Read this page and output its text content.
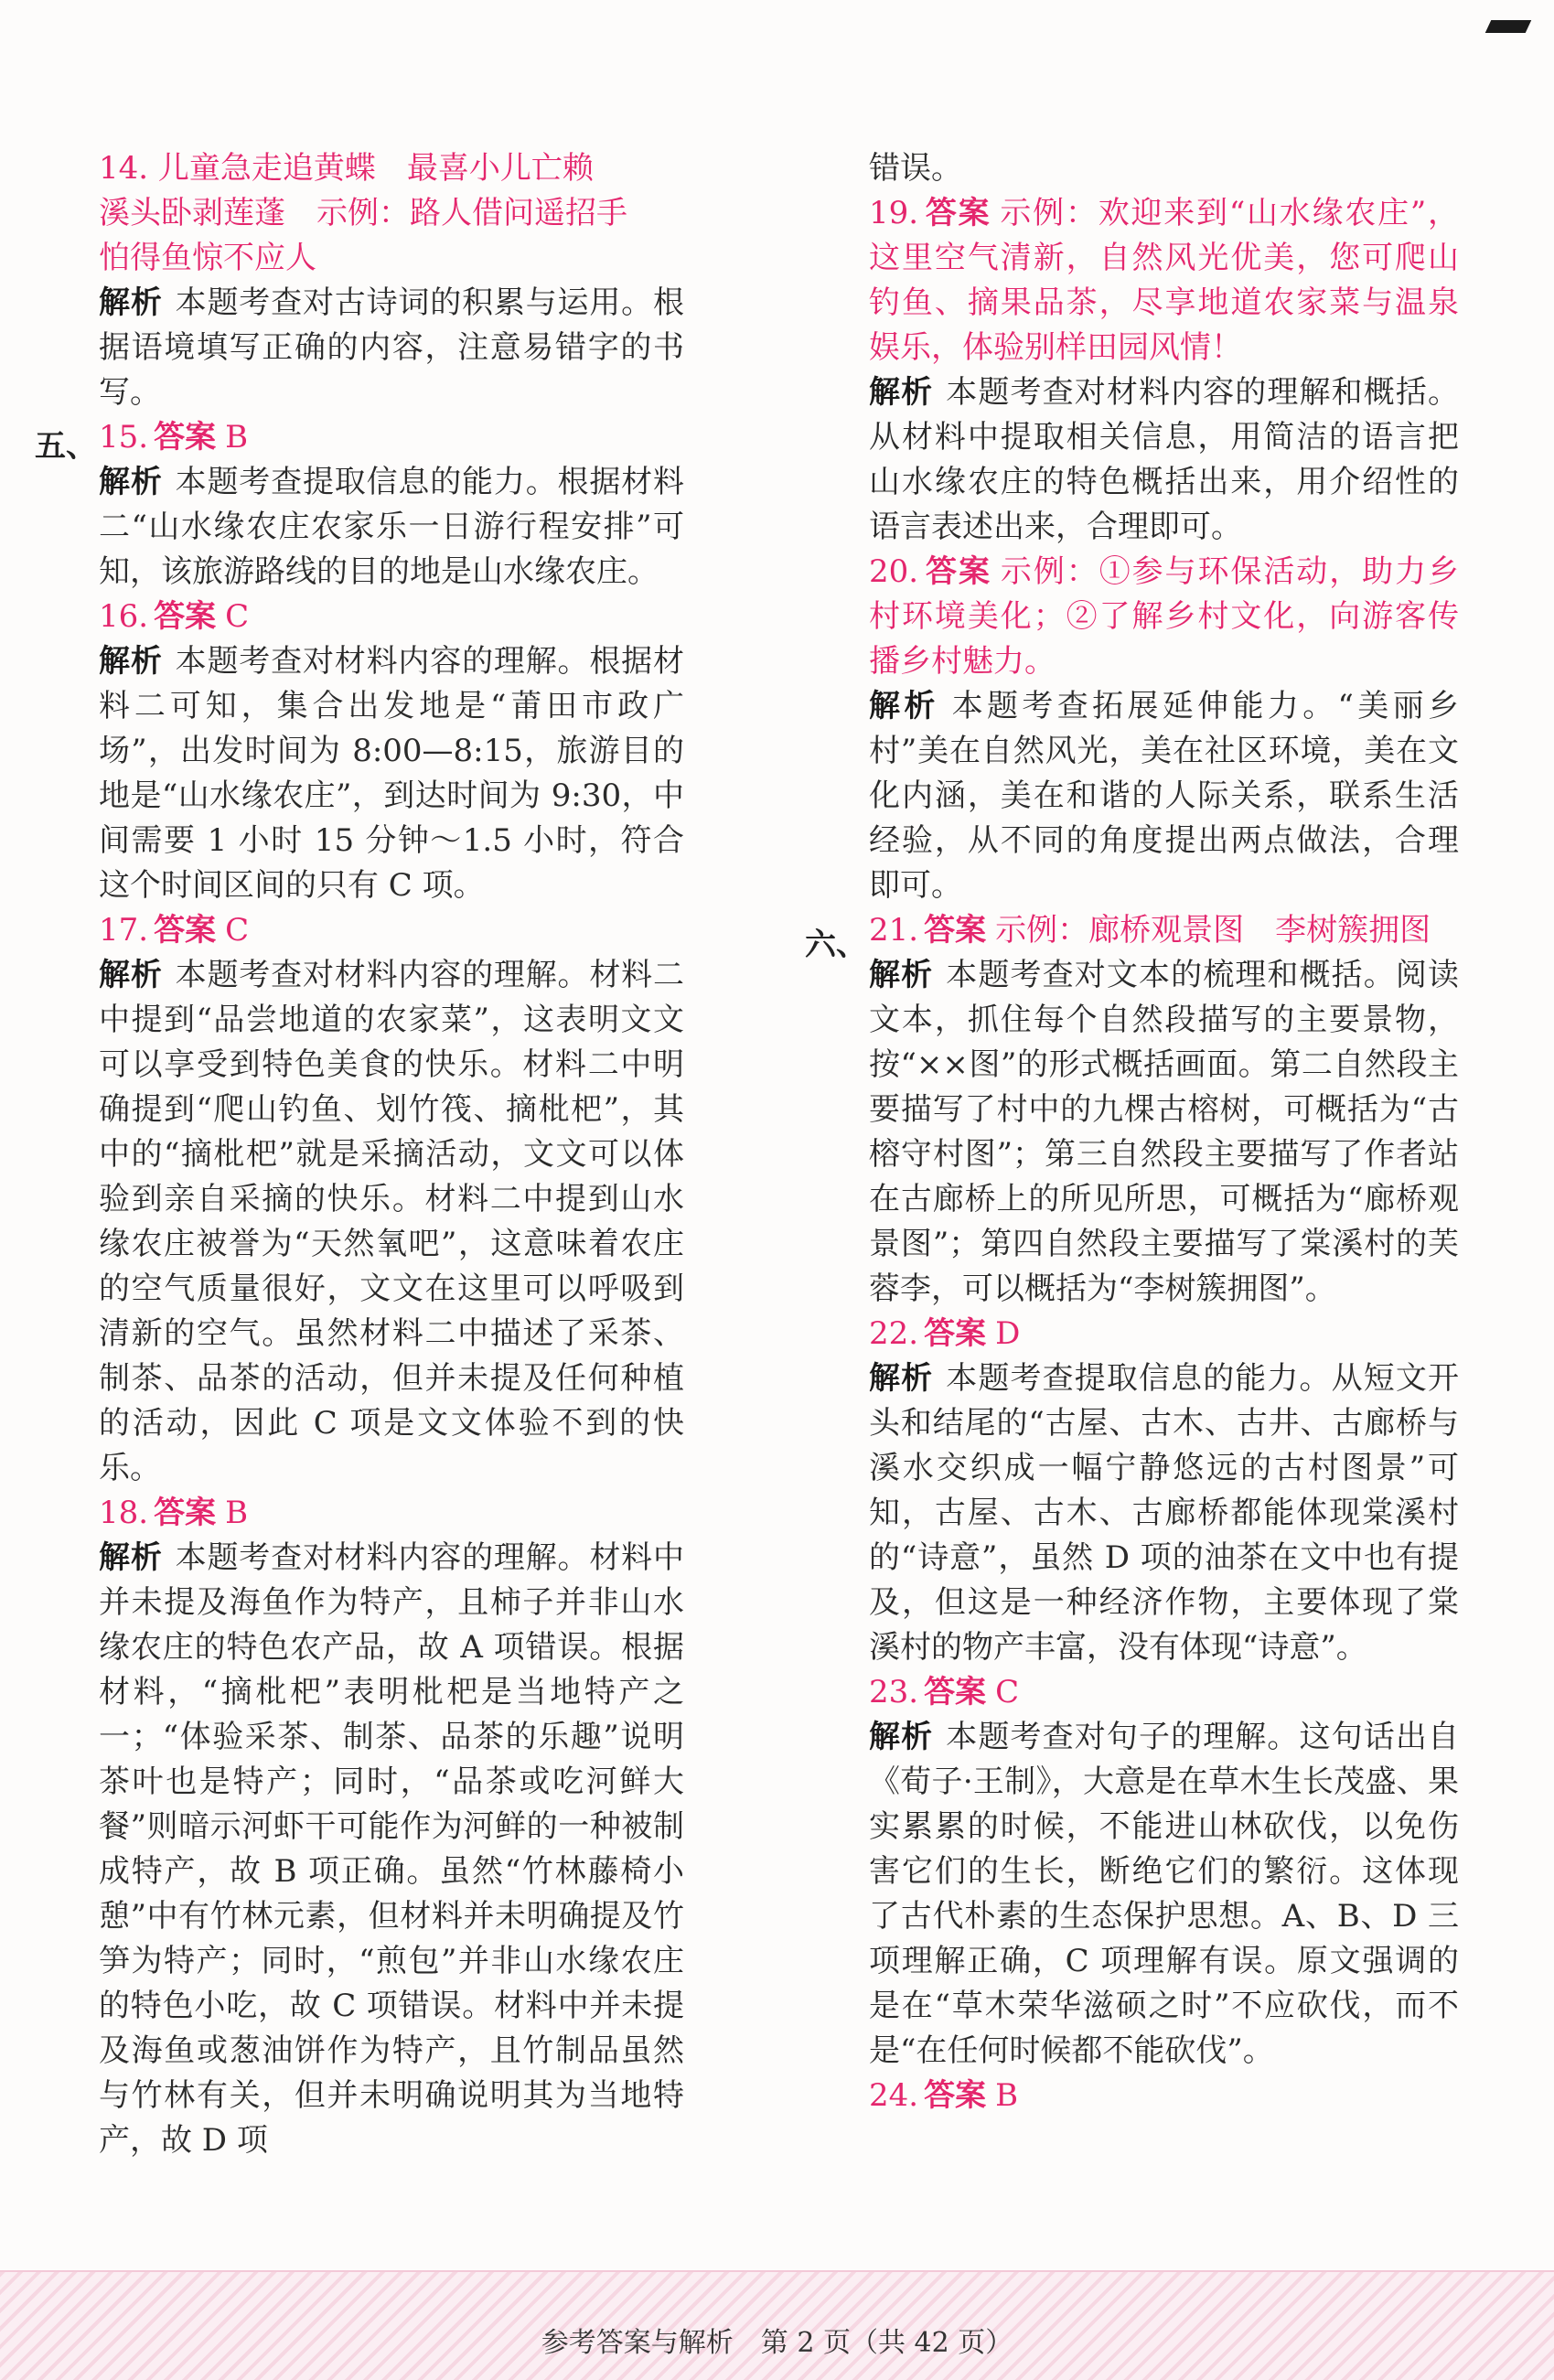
五、
六、

14. 儿童急走追黄蝶　最喜小儿亡赖

溪头卧剥莲蓬　示例：路人借问遥招手

怕得鱼惊不应人

解析 本题考查对古诗词的积累与运用。根据语境填写正确的内容，注意易错字的书写。

15. 答案 B

解析 本题考查提取信息的能力。根据材料二“山水缘农庄农家乐一日游行程安排”可知，该旅游路线的目的地是山水缘农庄。

16. 答案 C

解析 本题考查对材料内容的理解。根据材料二可知，集合出发地是“莆田市政广场”，出发时间为 8:00—8:15，旅游目的地是“山水缘农庄”，到达时间为 9:30，中间需要 1 小时 15 分钟～1.5 小时，符合这个时间区间的只有 C 项。

17. 答案 C

解析 本题考查对材料内容的理解。材料二中提到“品尝地道的农家菜”，这表明文文可以享受到特色美食的快乐。材料二中明确提到“爬山钓鱼、划竹筏、摘枇杷”，其中的“摘枇杷”就是采摘活动，文文可以体验到亲自采摘的快乐。材料二中提到山水缘农庄被誉为“天然氧吧”，这意味着农庄的空气质量很好，文文在这里可以呼吸到清新的空气。虽然材料二中描述了采茶、制茶、品茶的活动，但并未提及任何种植的活动，因此 C 项是文文体验不到的快乐。

18. 答案 B

解析 本题考查对材料内容的理解。材料中并未提及海鱼作为特产，且柿子并非山水缘农庄的特色农产品，故 A 项错误。根据材料，“摘枇杷”表明枇杷是当地特产之一；“体验采茶、制茶、品茶的乐趣”说明茶叶也是特产；同时，“品茶或吃河鲜大餐”则暗示河虾干可能作为河鲜的一种被制成特产，故 B 项正确。虽然“竹林藤椅小憩”中有竹林元素，但材料并未明确提及竹笋为特产；同时，“煎包”并非山水缘农庄的特色小吃，故 C 项错误。材料中并未提及海鱼或葱油饼作为特产，且竹制品虽然与竹林有关，但并未明确说明其为当地特产，故 D 项

错误。

19. 答案 示例：欢迎来到“山水缘农庄”，这里空气清新，自然风光优美，您可爬山钓鱼、摘果品茶，尽享地道农家菜与温泉娱乐，体验别样田园风情！

解析 本题考查对材料内容的理解和概括。从材料中提取相关信息，用简洁的语言把山水缘农庄的特色概括出来，用介绍性的语言表述出来，合理即可。

20. 答案 示例：①参与环保活动，助力乡村环境美化；②了解乡村文化，向游客传播乡村魅力。

解析 本题考查拓展延伸能力。“美丽乡村”美在自然风光，美在社区环境，美在文化内涵，美在和谐的人际关系，联系生活经验，从不同的角度提出两点做法，合理即可。

21. 答案 示例：廊桥观景图　李树簇拥图

解析 本题考查对文本的梳理和概括。阅读文本，抓住每个自然段描写的主要景物，按“××图”的形式概括画面。第二自然段主要描写了村中的九棵古榕树，可概括为“古榕守村图”；第三自然段主要描写了作者站在古廊桥上的所见所思，可概括为“廊桥观景图”；第四自然段主要描写了棠溪村的芙蓉李，可以概括为“李树簇拥图”。

22. 答案 D

解析 本题考查提取信息的能力。从短文开头和结尾的“古屋、古木、古井、古廊桥与溪水交织成一幅宁静悠远的古村图景”可知，古屋、古木、古廊桥都能体现棠溪村的“诗意”，虽然 D 项的油茶在文中也有提及，但这是一种经济作物，主要体现了棠溪村的物产丰富，没有体现“诗意”。

23. 答案 C

解析 本题考查对句子的理解。这句话出自《荀子·王制》，大意是在草木生长茂盛、果实累累的时候，不能进山林砍伐，以免伤害它们的生长，断绝它们的繁衍。这体现了古代朴素的生态保护思想。A、B、D 三项理解正确，C 项理解有误。原文强调的是在“草木荣华滋硕之时”不应砍伐，而不是“在任何时候都不能砍伐”。

24. 答案 B

参考答案与解析　第 2 页（共 42 页）
